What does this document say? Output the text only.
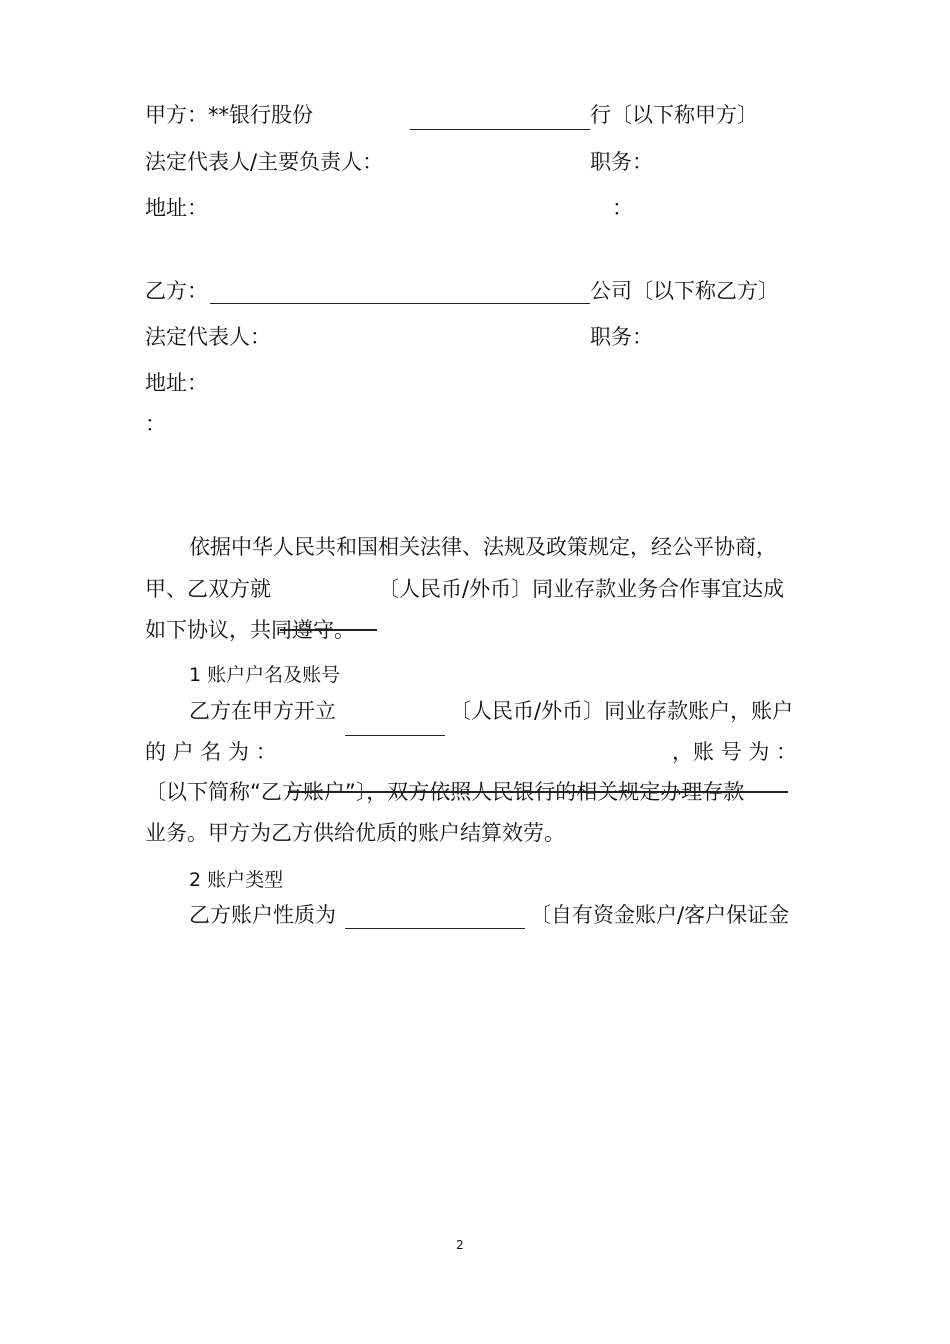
甲方：**银行股份	行〔以下称甲方〕
法定代表人/主要负责人：	职务：
地址：	：
乙方：	公司〔以下称乙方〕
法定代表人：	职务：
地址：
：
依据中华人民共和国相关法律、法规及政策规定，经公平协商，
甲、乙双方就	〔人民币/外币〕同业存款业务合作事宜达成
如下协议，共同遵守。
1 账户户名及账号
乙方在甲方开立	〔人民币/外币〕同业存款账户，账户
的 户 名 为 ：	，账 号 为 ：
〔以下简称“乙方账户”〕，双方依照人民银行的相关规定办理存款
业务。甲方为乙方供给优质的账户结算效劳。
2 账户类型
乙方账户性质为	〔自有资金账户/客户保证金
2
